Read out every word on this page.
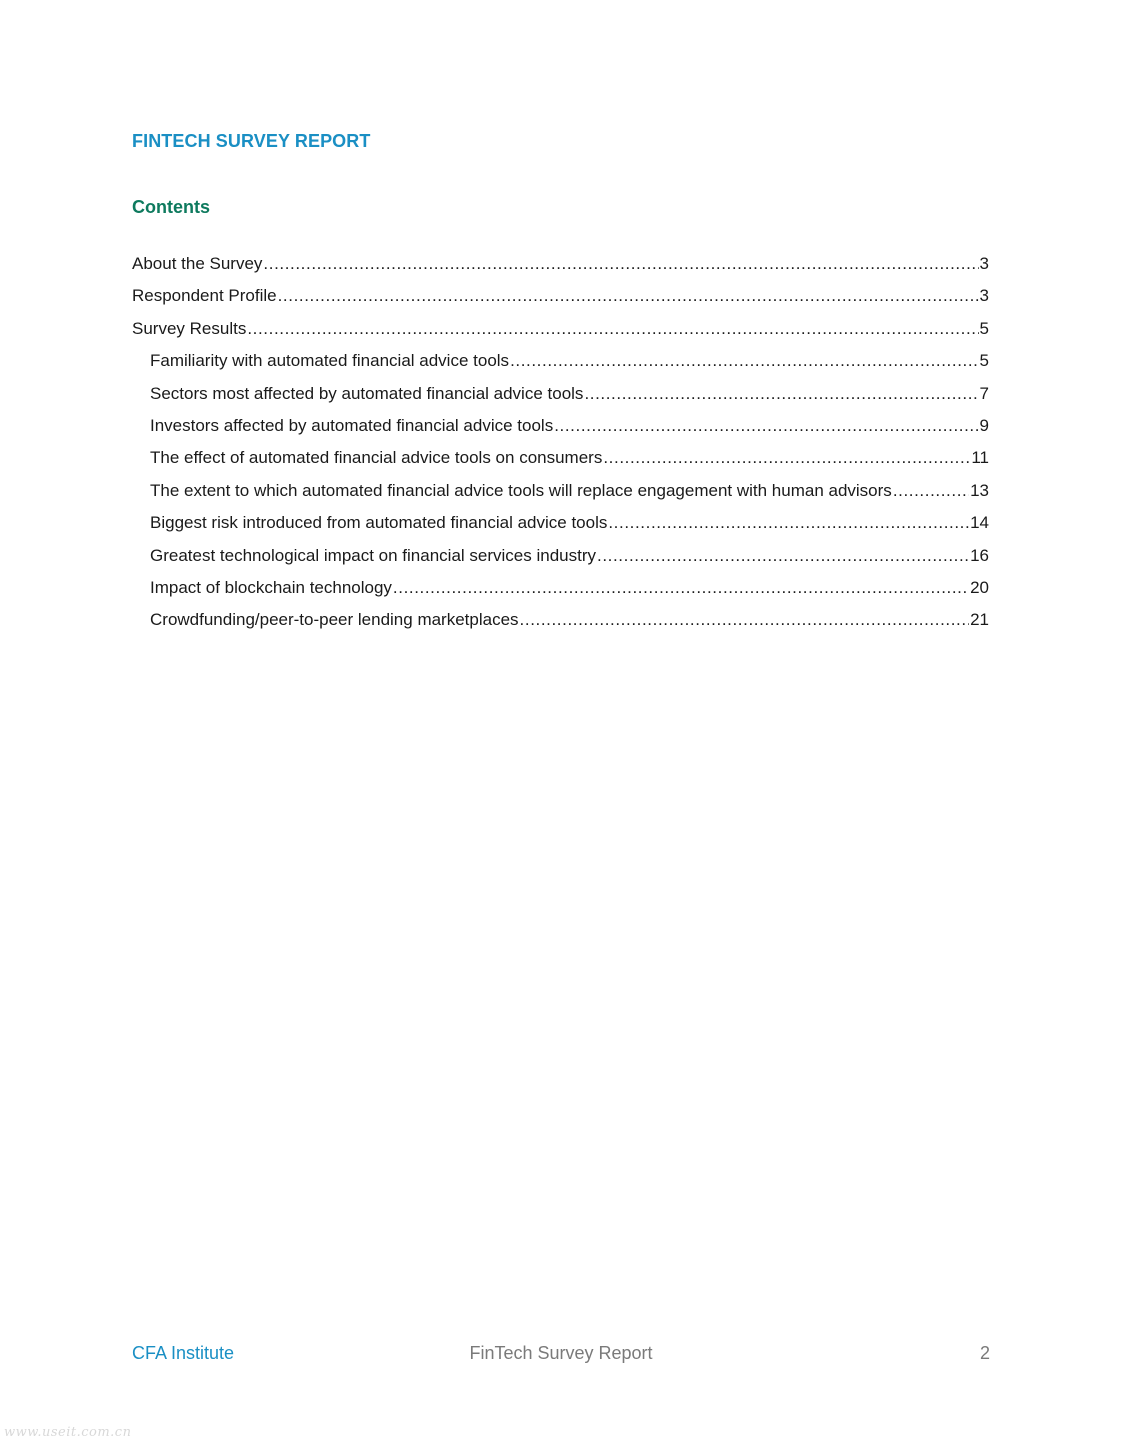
FINTECH SURVEY REPORT
Contents
About the Survey .....	3
Respondent Profile .....	3
Survey Results .....	5
Familiarity with automated financial advice tools .....	5
Sectors most affected by automated financial advice tools .....	7
Investors affected by automated financial advice tools .....	9
The effect of automated financial advice tools on consumers .....	11
The extent to which automated financial advice tools will replace engagement with human advisors .....	13
Biggest risk introduced from automated financial advice tools .....	14
Greatest technological impact on financial services industry .....	16
Impact of blockchain technology .....	20
Crowdfunding/peer-to-peer lending marketplaces .....	21
FinTech Survey Report
CFA Institute	2
www.useit.com.cn
